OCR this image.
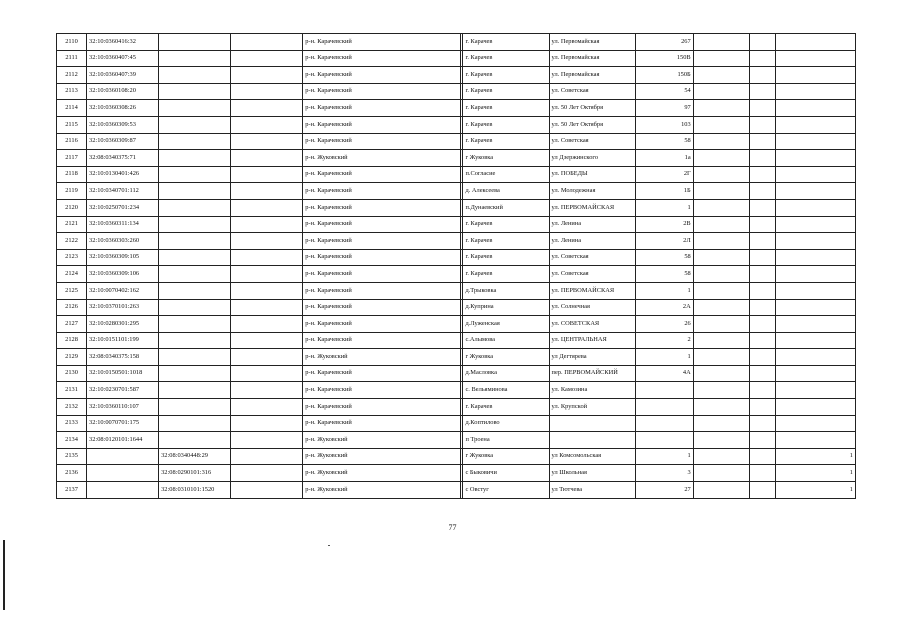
2110	32:10:0360416:32			р-н. Карачевский		г. Карачев	ул. Первомайская	267			
2111	32:10:0360407:45			р-н. Карачевский		г. Карачев	ул. Первомайская	150В			
2112	32:10:0360407:39			р-н. Карачевский		г. Карачев	ул. Первомайская	150Б			
2113	32:10:0360108:20			р-н. Карачевский		г. Карачев	ул. Советская	54			
2114	32:10:0360308:26			р-н. Карачевский		г. Карачев	ул. 50 Лет Октября	97			
2115	32:10:0360309:53			р-н. Карачевский		г. Карачев	ул. 50 Лет Октября	103			
2116	32:10:0360309:87			р-н. Карачевский		г. Карачев	ул. Советская	58			
2117	32:08:0340375:71			р-н. Жуковский		г Жуковка	ул Дзержинского	1а			
2118	32:10:0130401:426			р-н. Карачевский		п.Согласие	ул. ПОБЕДЫ	2Г			
2119	32:10:0340701:112			р-н. Карачевский		д. Алексеева	ул. Молодежная	1Б			
2120	32:10:0250701:234			р-н. Карачевский		п.Дунаевский	ул. ПЕРВОМАЙСКАЯ	1			
2121	32:10:0360311:134			р-н. Карачевский		г. Карачев	ул. Ленина	2В			
2122	32:10:0360303:260			р-н. Карачевский		г. Карачев	ул. Ленина	2Л			
2123	32:10:0360309:105			р-н. Карачевский		г. Карачев	ул. Советская	58			
2124	32:10:0360309:106			р-н. Карачевский		г. Карачев	ул. Советская	58			
2125	32:10:0070402:162			р-н. Карачевский		д.Трыковка	ул. ПЕРВОМАЙСКАЯ	1			
2126	32:10:0370101:263			р-н. Карачевский		д.Куприна	ул. Солнечная	2А			
2127	32:10:0280301:295			р-н. Карачевский		д.Луженская	ул. СОВЕТСКАЯ	26			
2128	32:10:0151101:199			р-н. Карачевский		с.Алымова	ул. ЦЕНТРАЛЬНАЯ	2			
2129	32:08:0340375:158			р-н. Жуковский		г Жуковка	ул Дегтярева	1			
2130	32:10:0150501:1018			р-н. Карачевский		д.Масловка	пер. ПЕРВОМАЙСКИЙ	4А			
2131	32:10:0230701:587			р-н. Карачевский		с. Вельяминова	ул. Камозина				
2132	32:10:0360110:107			р-н. Карачевский		г. Карачев	ул. Крупской				
2133	32:10:0070701:175			р-н. Карачевский		д.Коптилово					
2134	32:08:0120101:1644			р-н. Жуковский		п Троена					
2135		32:08:0340448:29		р-н. Жуковский		г Жуковка	ул Комсомольская	1			1
2136		32:08:0290101:316		р-н. Жуковский		с Быковичи	ул Школьная	3			1
2137		32:08:0310101:1520		р-н. Жуковский		с Овстуг	ул Тютчева	27			1
77
